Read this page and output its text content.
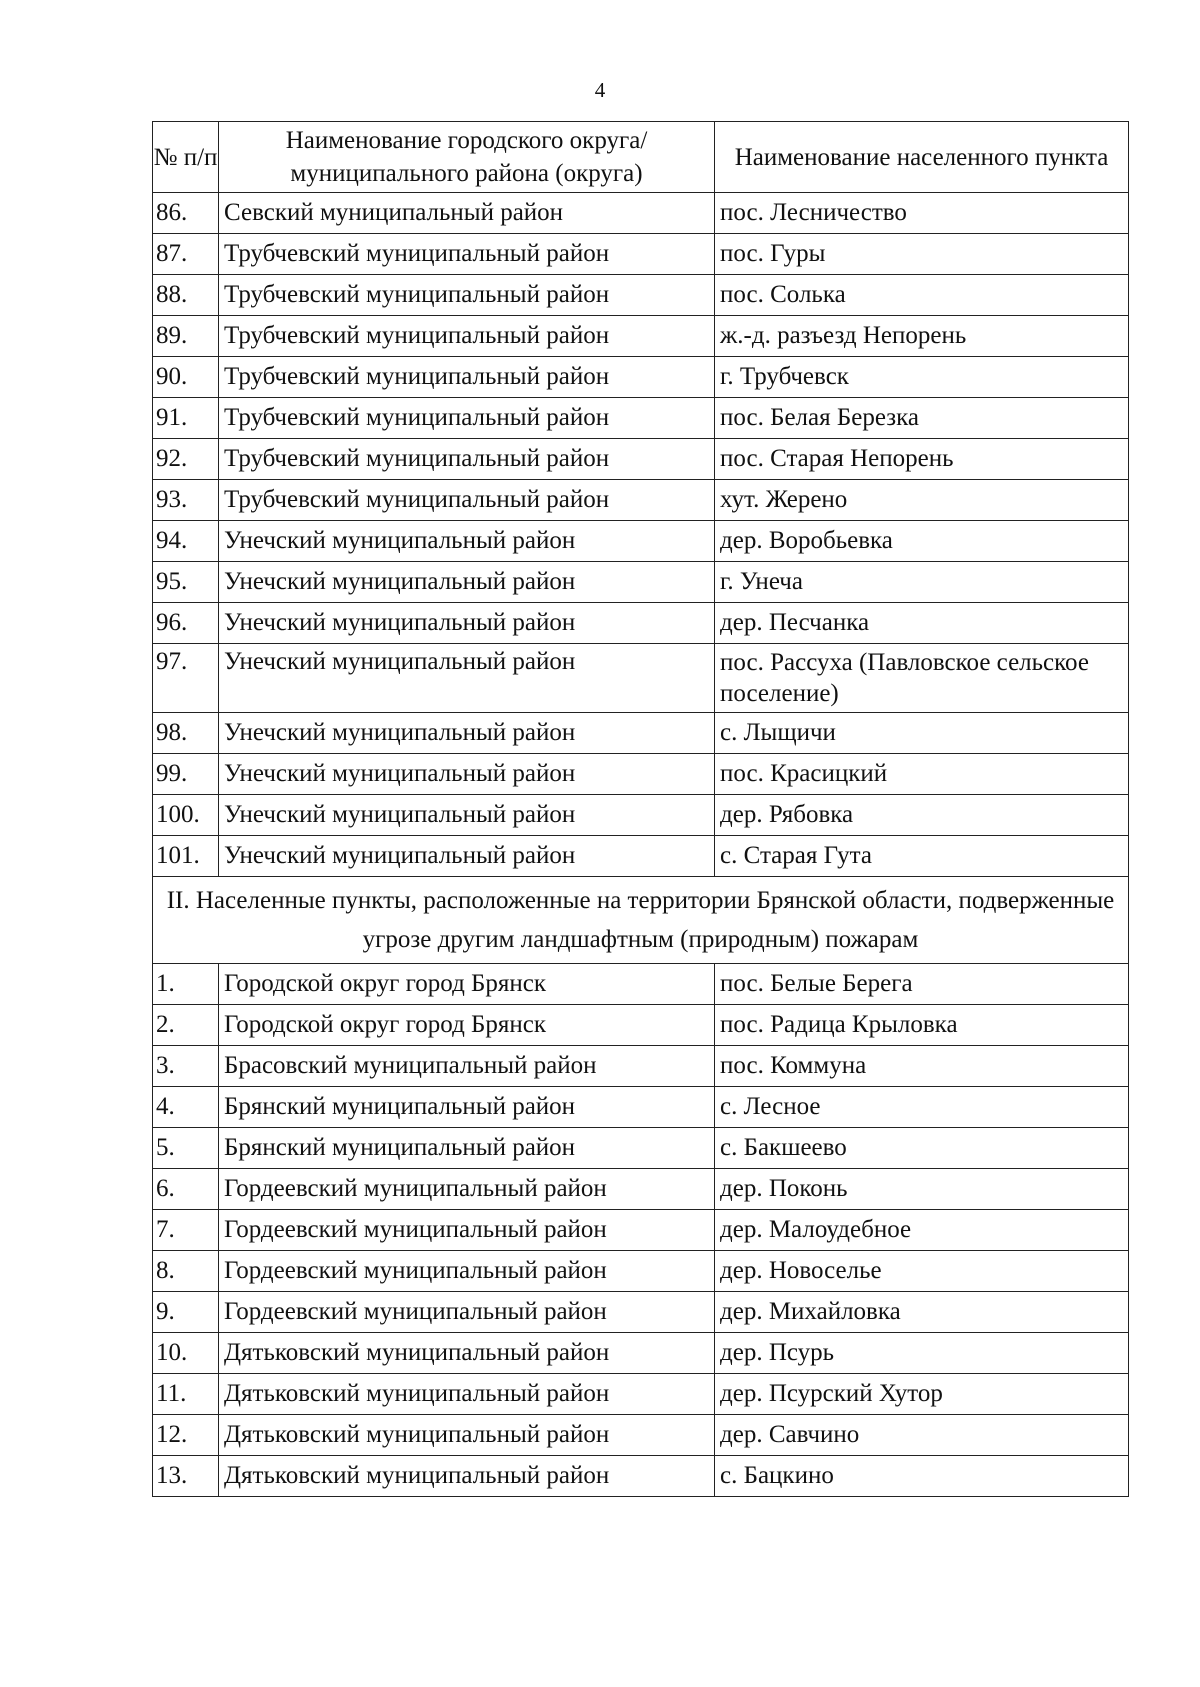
4
№ п/п	Наименование городского округа/ муниципального района (округа)	Наименование населенного пункта
86.	Севский муниципальный район	пос. Лесничество
87.	Трубчевский муниципальный район	пос. Гуры
88.	Трубчевский муниципальный район	пос. Солька
89.	Трубчевский муниципальный район	ж.-д. разъезд Непорень
90.	Трубчевский муниципальный район	г. Трубчевск
91.	Трубчевский муниципальный район	пос. Белая Березка
92.	Трубчевский муниципальный район	пос. Старая Непорень
93.	Трубчевский муниципальный район	хут. Жерено
94.	Унечский муниципальный район	дер. Воробьевка
95.	Унечский муниципальный район	г. Унеча
96.	Унечский муниципальный район	дер. Песчанка
97.	Унечский муниципальный район	пос. Рассуха (Павловское сельское поселение)
98.	Унечский муниципальный район	с. Лыщичи
99.	Унечский муниципальный район	пос. Красицкий
100.	Унечский муниципальный район	дер. Рябовка
101.	Унечский муниципальный район	с. Старая Гута
II. Населенные пункты, расположенные на территории Брянской области, подверженные угрозе другим ландшафтным (природным) пожарам		
1.	Городской округ город Брянск	пос. Белые Берега
2.	Городской округ город Брянск	пос. Радица Крыловка
3.	Брасовский муниципальный район	пос. Коммуна
4.	Брянский муниципальный район	с. Лесное
5.	Брянский муниципальный район	с. Бакшеево
6.	Гордеевский муниципальный район	дер. Поконь
7.	Гордеевский муниципальный район	дер. Малоудебное
8.	Гордеевский муниципальный район	дер. Новоселье
9.	Гордеевский муниципальный район	дер. Михайловка
10.	Дятьковский муниципальный район	дер. Псурь
11.	Дятьковский муниципальный район	дер. Псурский Хутор
12.	Дятьковский муниципальный район	дер. Савчино
13.	Дятьковский муниципальный район	с. Бацкино
